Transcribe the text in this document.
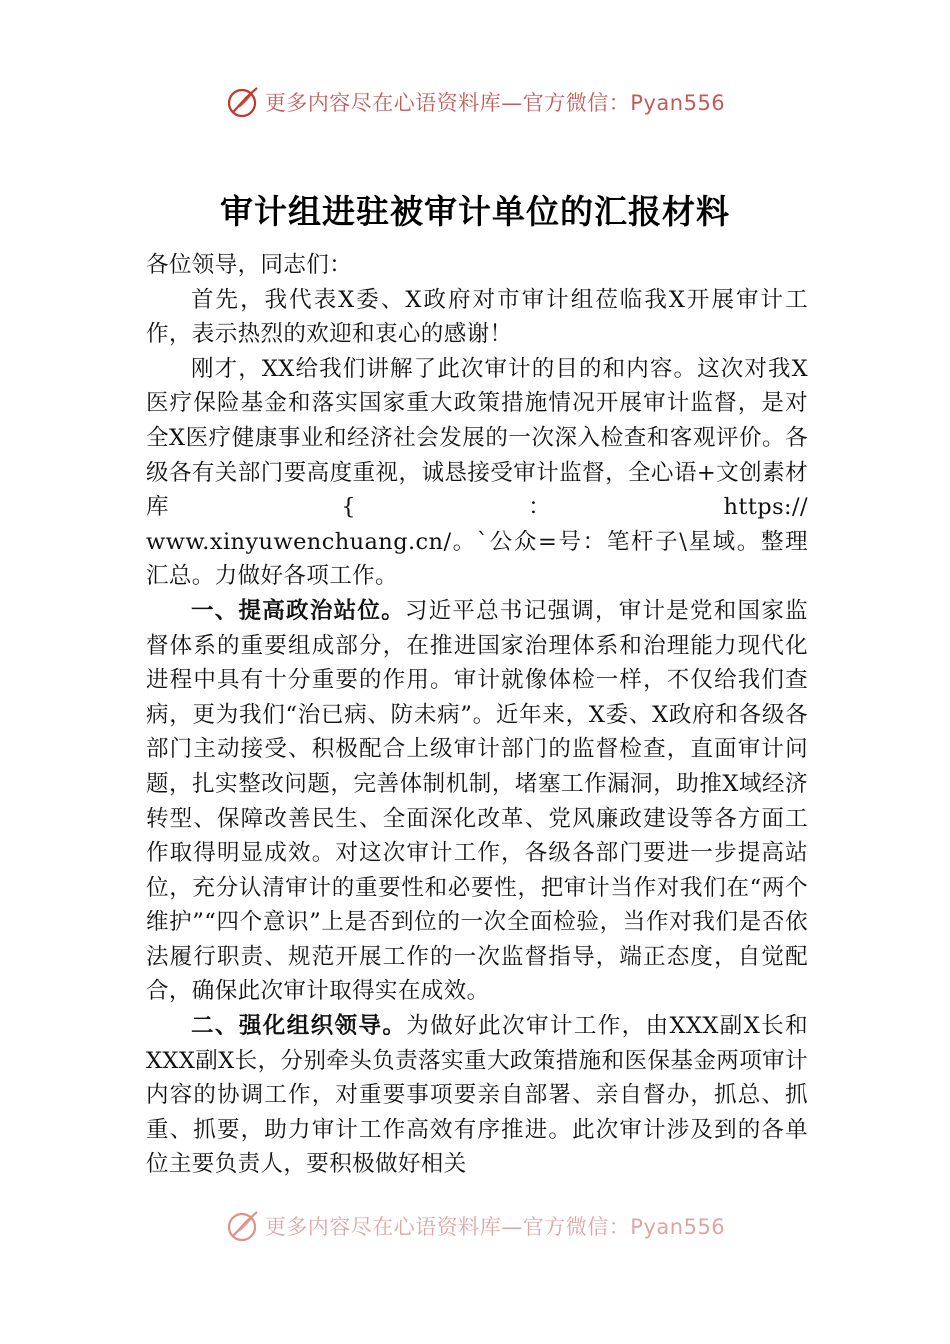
更多内容尽在心语资料库—官方微信：Pyan556
审计组进驻被审计单位的汇报材料

各位领导，同志们：

首先，我代表X委、X政府对市审计组莅临我X开展审计工作，表示热烈的欢迎和衷心的感谢！

刚才，XX给我们讲解了此次审计的目的和内容。这次对我X医疗保险基金和落实国家重大政策措施情况开展审计监督，是对全X医疗健康事业和经济社会发展的一次深入检查和客观评价。各级各有关部门要高度重视，诚恳接受审计监督，全心语+文创素材库{：https://

www.xinyuwenchuang.cn/。`公众=号：笔杆子\星域。整理汇总。力做好各项工作。

一、提高政治站位。习近平总书记强调，审计是党和国家监督体系的重要组成部分，在推进国家治理体系和治理能力现代化进程中具有十分重要的作用。审计就像体检一样，不仅给我们查病，更为我们“治已病、防未病”。近年来，X委、X政府和各级各部门主动接受、积极配合上级审计部门的监督检查，直面审计问题，扎实整改问题，完善体制机制，堵塞工作漏洞，助推X域经济转型、保障改善民生、全面深化改革、党风廉政建设等各方面工作取得明显成效。对这次审计工作，各级各部门要进一步提高站位，充分认清审计的重要性和必要性，把审计当作对我们在“两个维护”“四个意识”上是否到位的一次全面检验，当作对我们是否依法履行职责、规范开展工作的一次监督指导，端正态度，自觉配合，确保此次审计取得实在成效。

二、强化组织领导。为做好此次审计工作，由XXX副X长和XXX副X长，分别牵头负责落实重大政策措施和医保基金两项审计内容的协调工作，对重要事项要亲自部署、亲自督办，抓总、抓重、抓要，助力审计工作高效有序推进。此次审计涉及到的各单位主要负责人，要积极做好相关

更多内容尽在心语资料库—官方微信：Pyan556
